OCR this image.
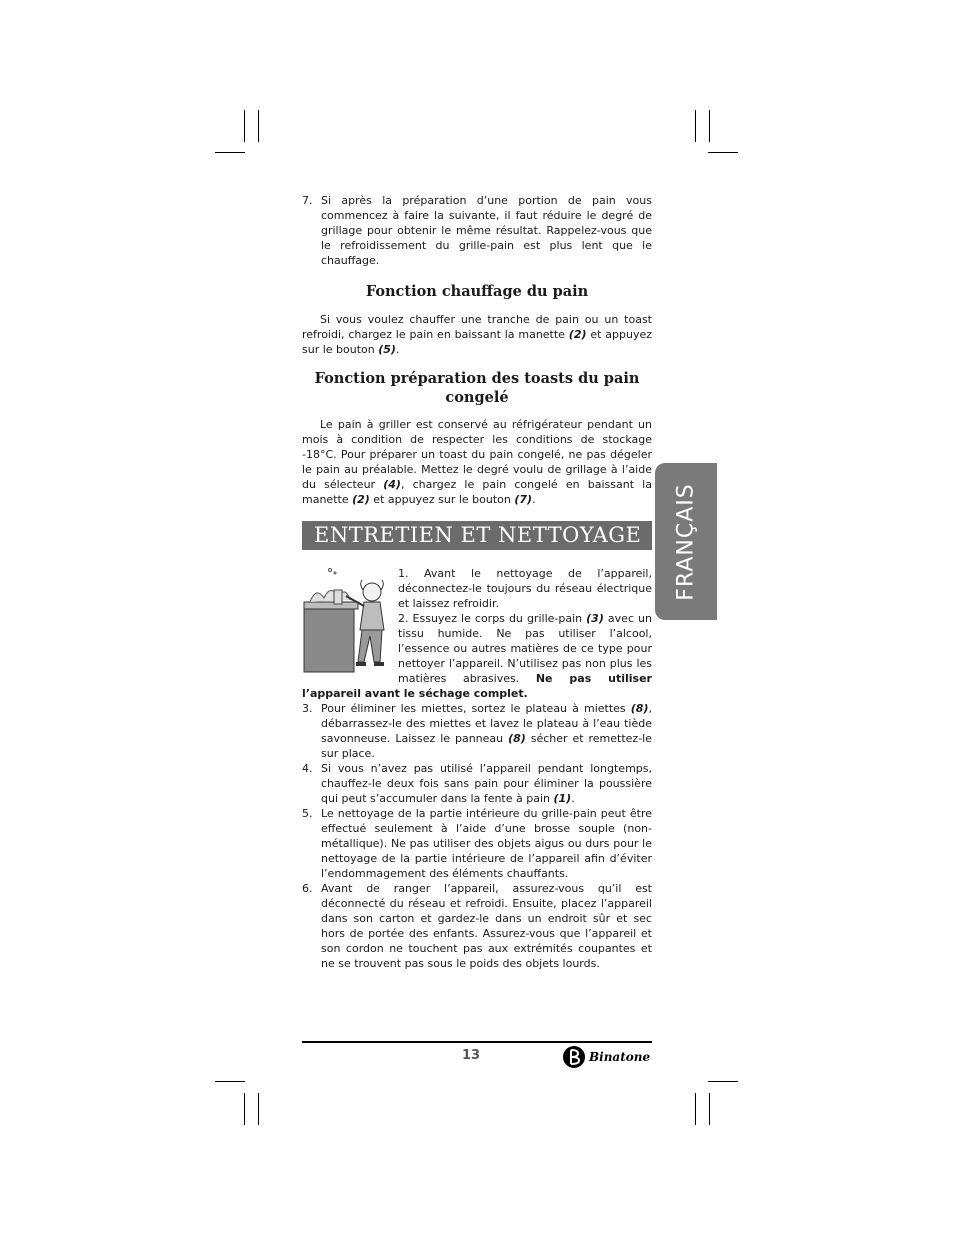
7. Si après la préparation d’une portion de pain vous commencez à faire la suivante, il faut réduire le degré de grillage pour obtenir le même résultat. Rappelez-vous que le refroidissement du grille-pain est plus lent que le chauffage.
Fonction chauffage du pain

Si vous voulez chauffer une tranche de pain ou un toast refroidi, chargez le pain en baissant la manette (2) et appuyez sur le bouton (5).

Fonction préparation des toasts du pain
congelé

Le pain à griller est conservé au réfrigérateur pendant un mois à condition de respecter les conditions de stockage -18°C. Pour préparer un toast du pain congelé, ne pas dégeler le pain au préalable. Mettez le degré voulu de grillage à l’aide du sélecteur (4), chargez le pain congelé en baissant la manette (2) et appuyez sur le bouton (7).

ENTRETIEN ET NETTOYAGE
1. Avant le nettoyage de l’appareil, déconnectez-le toujours du réseau électrique et laissez refroidir.
2. Essuyez le corps du grille-pain (3) avec un tissu humide. Ne pas utiliser l’alcool, l’essence ou autres matières de ce type pour nettoyer l’appareil. N’utilisez pas non plus les matières abrasives. Ne pas utiliser l’appareil avant le séchage complet.
3. Pour éliminer les miettes, sortez le plateau à miettes (8), débarrassez-le des miettes et lavez le plateau à l’eau tiède savonneuse. Laissez le panneau (8) sécher et remettez-le sur place.
4. Si vous n’avez pas utilisé l’appareil pendant longtemps, chauffez-le deux fois sans pain pour éliminer la poussière qui peut s’accumuler dans la fente à pain (1).
5. Le nettoyage de la partie intérieure du grille-pain peut être effectué seulement à l’aide d’une brosse souple (non-métallique). Ne pas utiliser des objets aigus ou durs pour le nettoyage de la partie intérieure de l’appareil afin d’éviter l’endommagement des éléments chauffants.
6. Avant de ranger l’appareil, assurez-vous qu’il est déconnecté du réseau et refroidi. Ensuite, placez l’appareil dans son carton et gardez-le dans un endroit sûr et sec hors de portée des enfants. Assurez-vous que l’appareil et son cordon ne touchent pas aux extrémités coupantes et ne se trouvent pas sous le poids des objets lourds.
FRANÇAIS
13	Binatone
